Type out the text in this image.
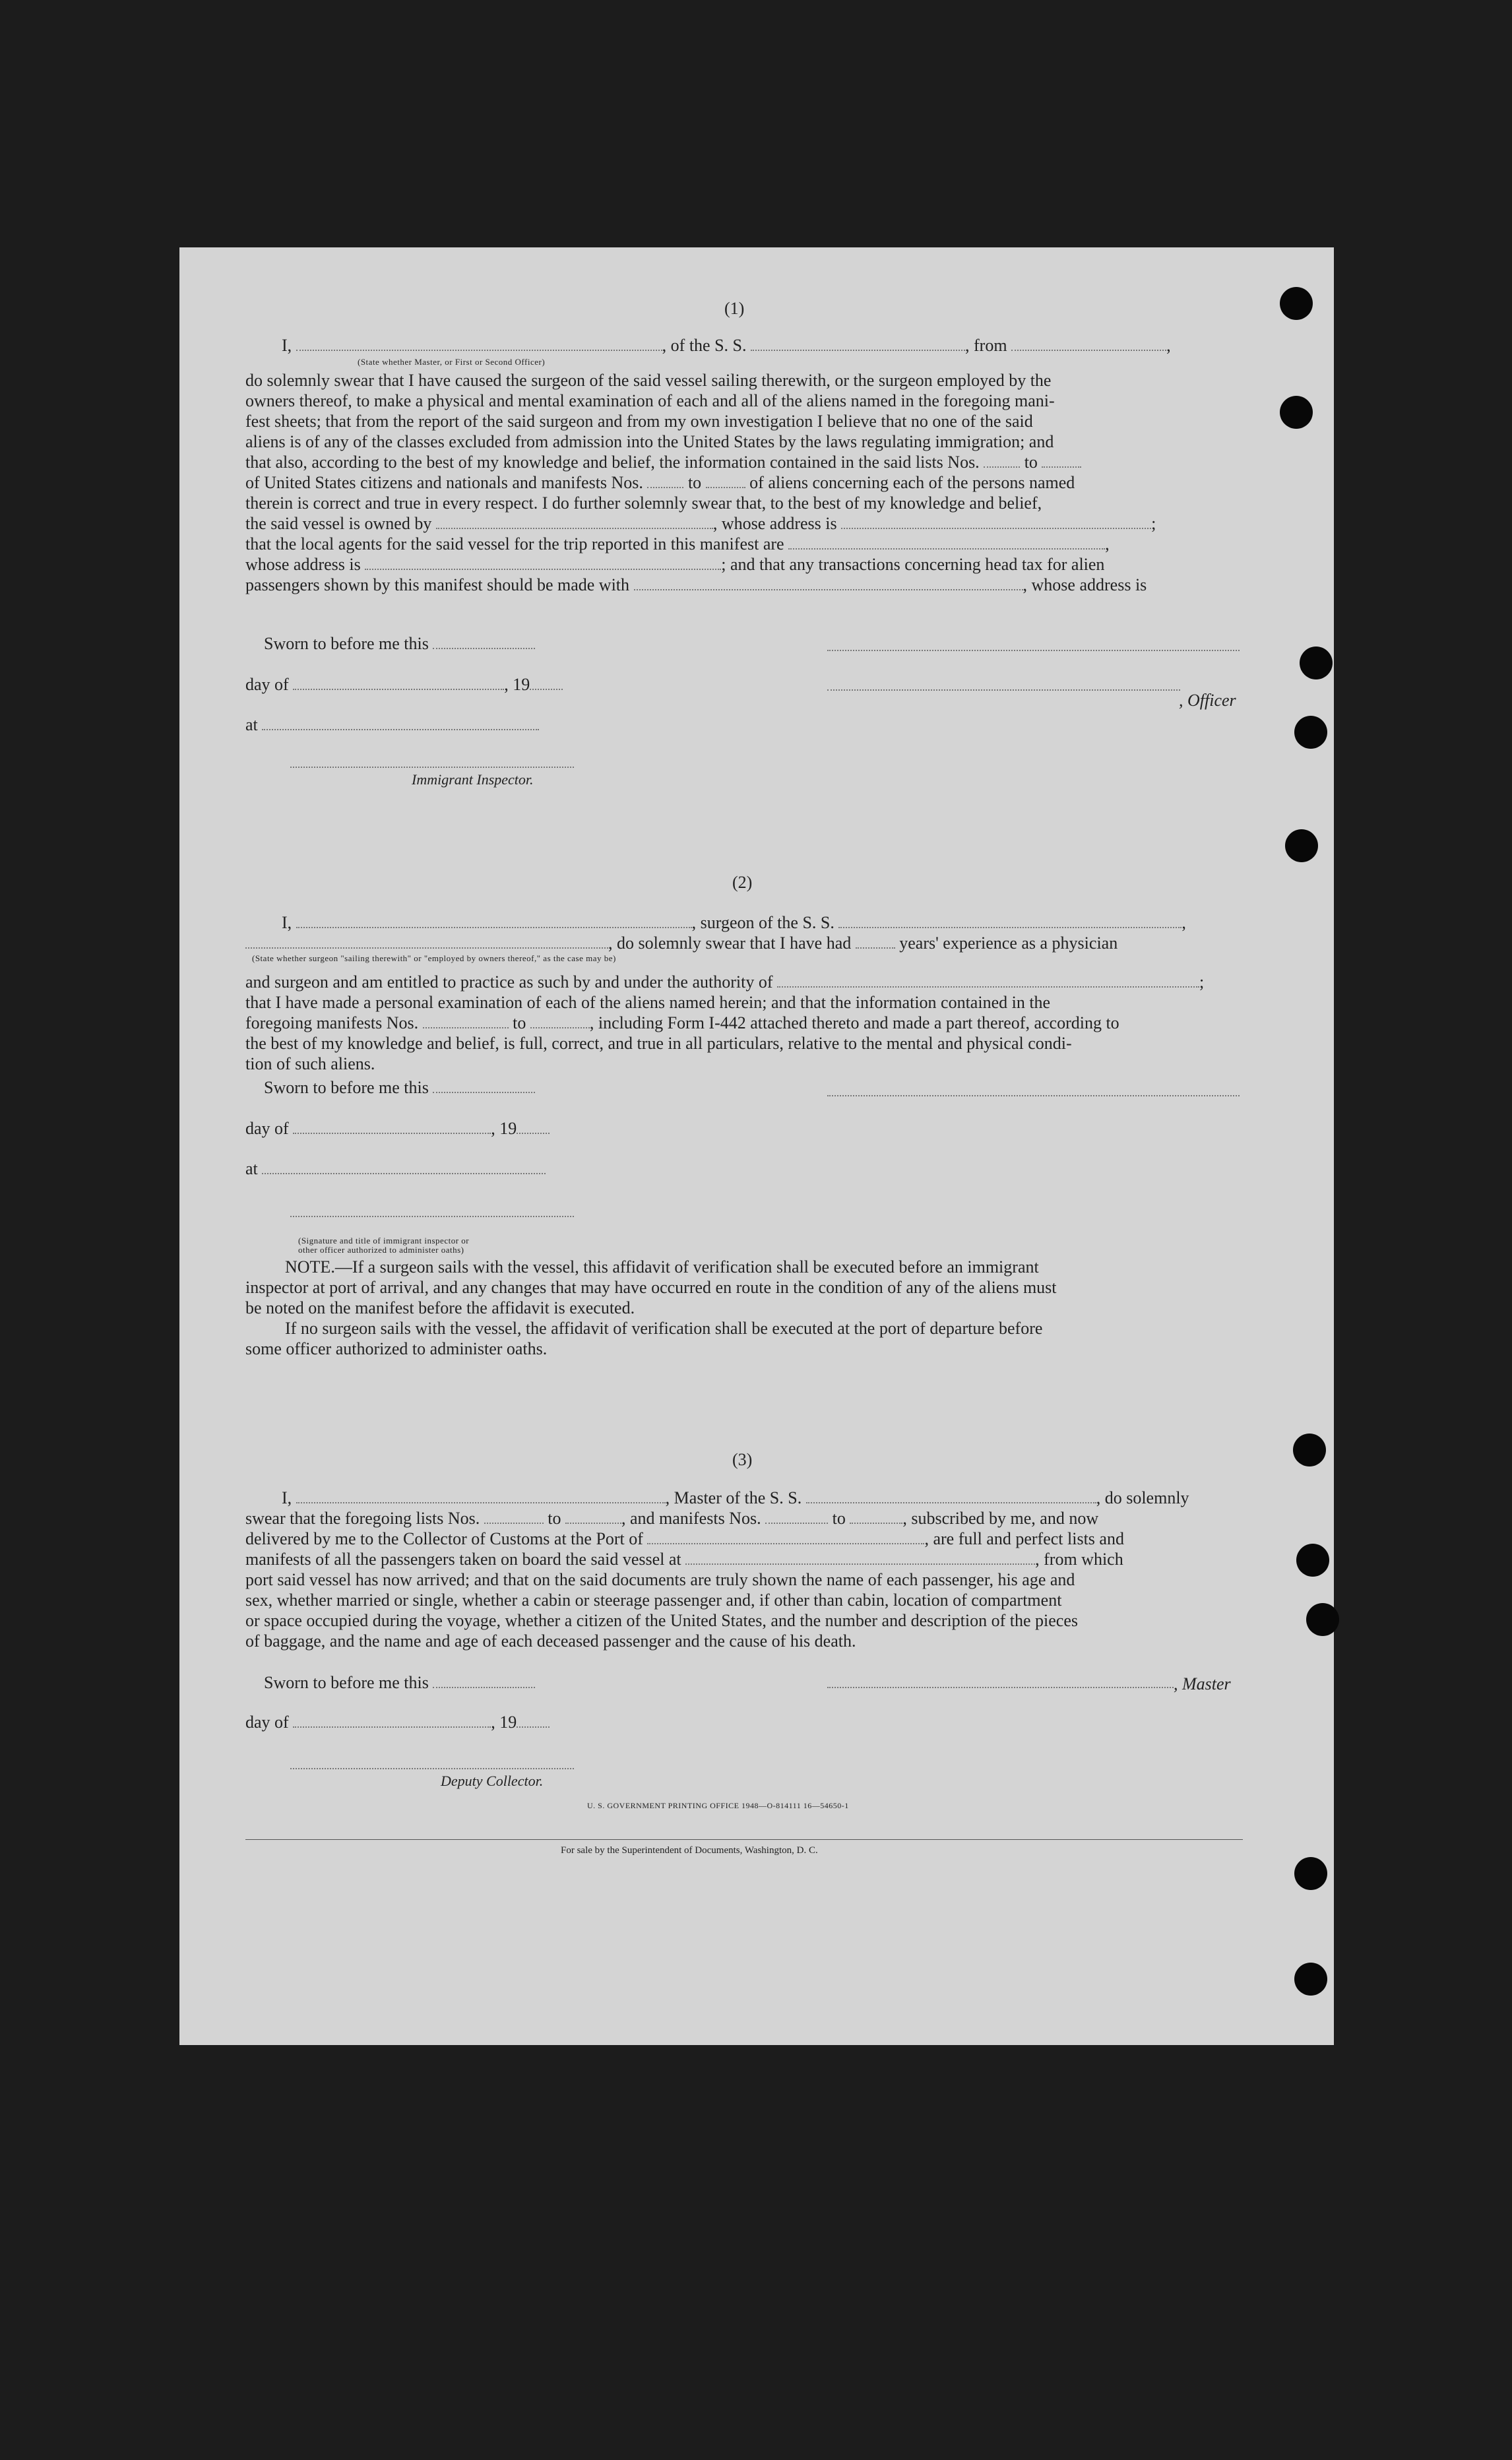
(1)
I,	, of the S. S.	, from	,
(State whether Master, or First or Second Officer)
do solemnly swear that I have caused the surgeon of the said vessel sailing therewith, or the surgeon employed by the
owners thereof, to make a physical and mental examination of each and all of the aliens named in the foregoing mani-
fest sheets; that from the report of the said surgeon and from my own investigation I believe that no one of the said
aliens is of any of the classes excluded from admission into the United States by the laws regulating immigration; and
that also, according to the best of my knowledge and belief, the information contained in the said lists Nos.	to
of United States citizens and nationals and manifests Nos.	to	of aliens concerning each of the persons named
therein is correct and true in every respect. I do further solemnly swear that, to the best of my knowledge and belief,
the said vessel is owned by	, whose address is	;
that the local agents for the said vessel for the trip reported in this manifest are	,
whose address is	; and that any transactions concerning head tax for alien
passengers shown by this manifest should be made with	, whose address is
Sworn to before me this
day of	, 19
at
Immigrant Inspector.
, Officer
(2)
I,	, surgeon of the S. S.	,
, do solemnly swear that I have had	years' experience as a physician
(State whether surgeon "sailing therewith" or "employed by owners thereof," as the case may be)
and surgeon and am entitled to practice as such by and under the authority of	;
that I have made a personal examination of each of the aliens named herein; and that the information contained in the
foregoing manifests Nos.	to	, including Form I-442 attached thereto and made a part thereof, according to
the best of my knowledge and belief, is full, correct, and true in all particulars, relative to the mental and physical condi-
tion of such aliens.
Sworn to before me this
day of	, 19
at
(Signature and title of immigrant inspector or
other officer authorized to administer oaths)
NOTE.—If a surgeon sails with the vessel, this affidavit of verification shall be executed before an immigrant
inspector at port of arrival, and any changes that may have occurred en route in the condition of any of the aliens must
be noted on the manifest before the affidavit is executed.
If no surgeon sails with the vessel, the affidavit of verification shall be executed at the port of departure before
some officer authorized to administer oaths.
(3)
I,	, Master of the S. S.	, do solemnly
swear that the foregoing lists Nos.	to	, and manifests Nos.	to	, subscribed by me, and now
delivered by me to the Collector of Customs at the Port of	, are full and perfect lists and
manifests of all the passengers taken on board the said vessel at	, from which
port said vessel has now arrived; and that on the said documents are truly shown the name of each passenger, his age and
sex, whether married or single, whether a cabin or steerage passenger and, if other than cabin, location of compartment
or space occupied during the voyage, whether a citizen of the United States, and the number and description of the pieces
of baggage, and the name and age of each deceased passenger and the cause of his death.
Sworn to before me this	, Master
day of	, 19
Deputy Collector.
U. S. GOVERNMENT PRINTING OFFICE 1948—O-814111 16—54650-1
For sale by the Superintendent of Documents, Washington, D. C.
